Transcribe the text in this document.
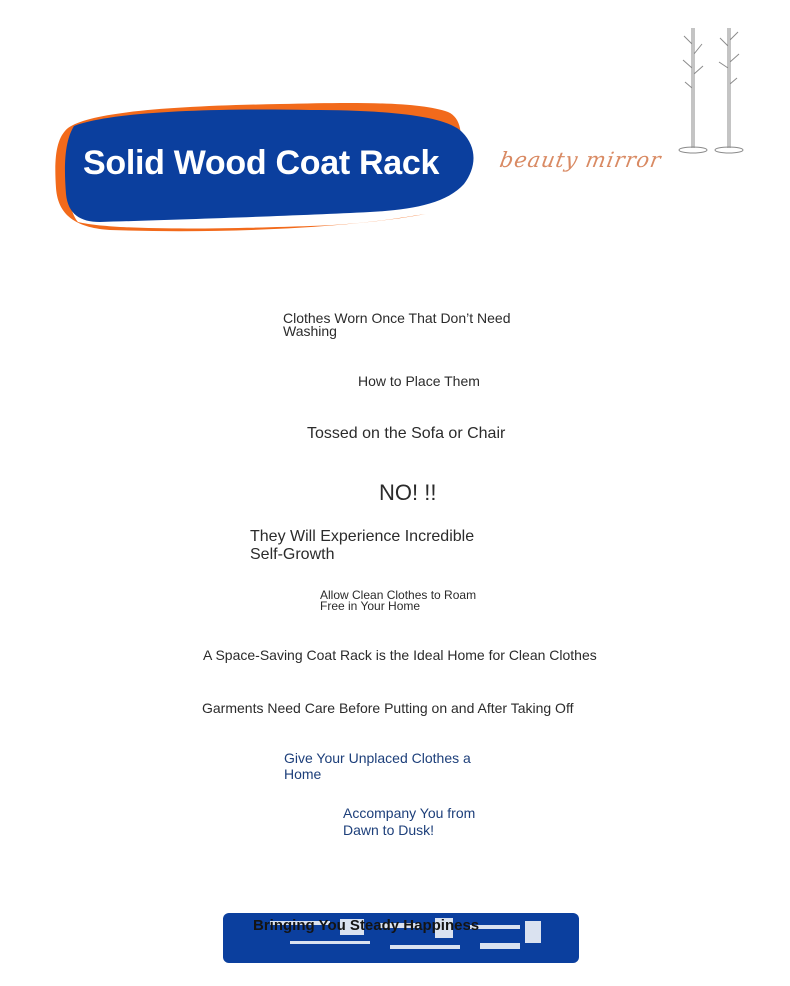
Solid Wood Coat Rack	beauty mirror
Clothes Worn Once That Don’t Need Washing
How to Place Them
Tossed on the Sofa or Chair
NO! !!
They Will Experience Incredible Self-Growth
Allow Clean Clothes to Roam Free in Your Home
A Space-Saving Coat Rack is the Ideal Home for Clean Clothes
Garments Need Care Before Putting on and After Taking Off
Give Your Unplaced Clothes a Home
Accompany You from Dawn to Dusk!
Bringing You Steady Happiness
